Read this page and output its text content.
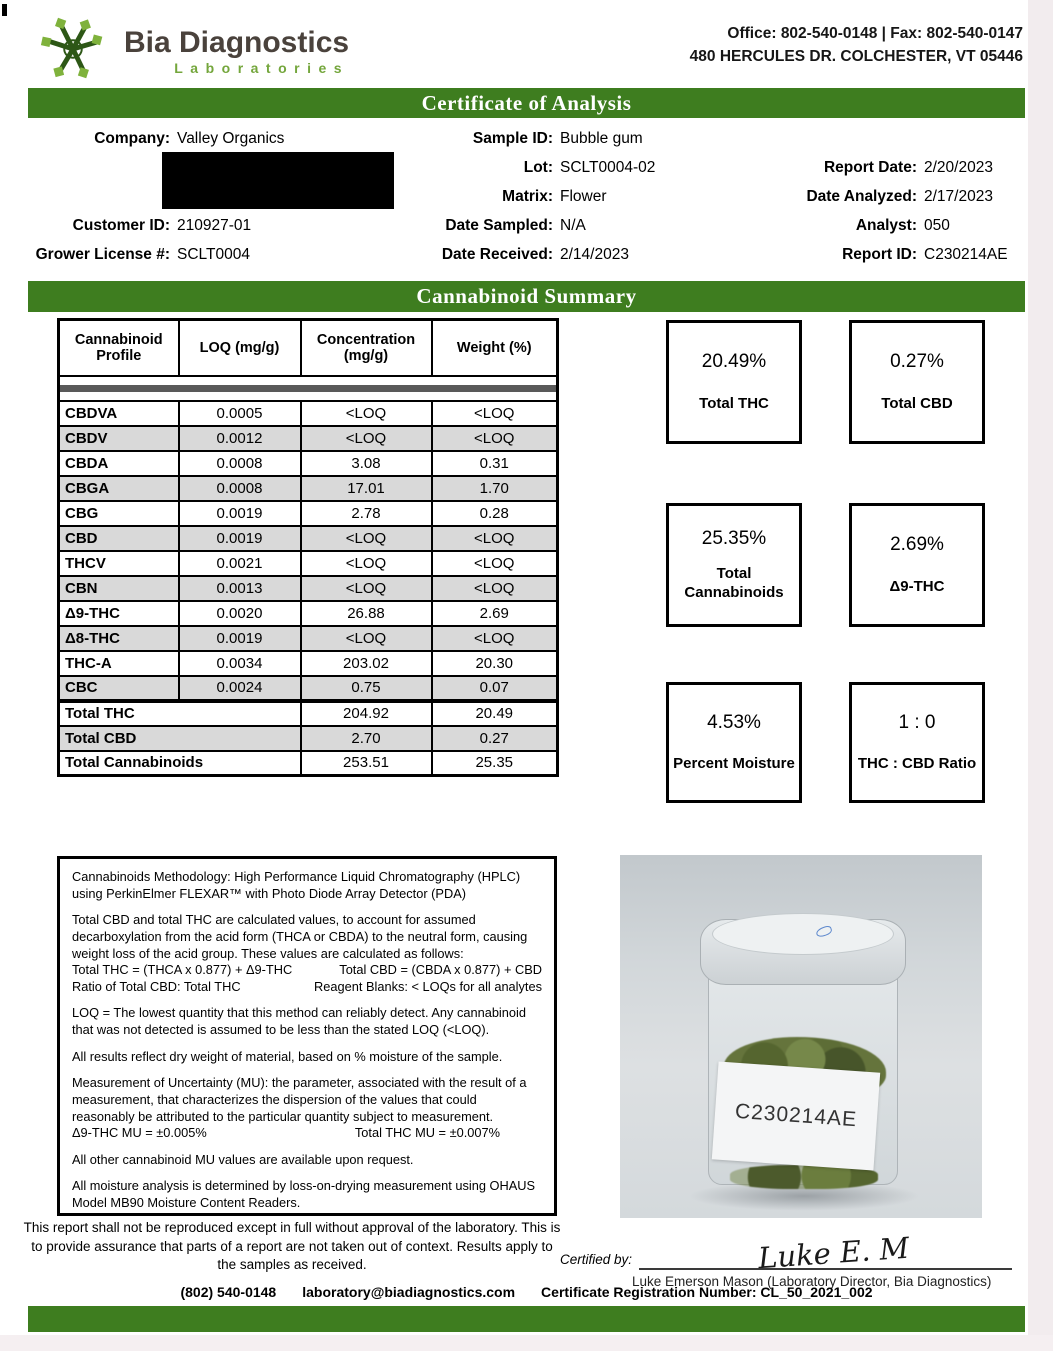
Bia Diagnostics
Laboratories
Office: 802-540-0148 | Fax: 802-540-0147
480 HERCULES DR. COLCHESTER, VT 05446
Certificate of Analysis
Cannabinoid Summary
Company: Valley Organics
Customer ID: 210927-01
Grower License #: SCLT0004
Sample ID: Bubble gum
Lot: SCLT0004-02
Matrix: Flower
Date Sampled: N/A
Date Received: 2/14/2023
Report Date: 2/20/2023
Date Analyzed: 2/17/2023
Analyst: 050
Report ID: C230214AE
Cannabinoid Profile	LOQ (mg/g)	Concentration (mg/g)	Weight (%)

CBDVA	0.0005	<LOQ	<LOQ
CBDV	0.0012	<LOQ	<LOQ
CBDA	0.0008	3.08	0.31
CBGA	0.0008	17.01	1.70
CBG	0.0019	2.78	0.28
CBD	0.0019	<LOQ	<LOQ
THCV	0.0021	<LOQ	<LOQ
CBN	0.0013	<LOQ	<LOQ
Δ9-THC	0.0020	26.88	2.69
Δ8-THC	0.0019	<LOQ	<LOQ
THC-A	0.0034	203.02	20.30
CBC	0.0024	0.75	0.07
Total THC		204.92	20.49
Total CBD		2.70	0.27
Total Cannabinoids		253.51	25.35
20.49%
Total THC
0.27%
Total CBD
25.35%
Total Cannabinoids
2.69%
Δ9-THC
4.53%
Percent Moisture
1 : 0
THC : CBD Ratio

Cannabinoids Methodology: High Performance Liquid Chromatography (HPLC) using PerkinElmer FLEXAR™ with Photo Diode Array Detector (PDA)

Total CBD and total THC are calculated values, to account for assumed decarboxylation from the acid form (THCA or CBDA) to the neutral form, causing weight loss of the acid group. These values are calculated as follows:

Total THC = (THCA x 0.877) + Δ9-THC	Total CBD = (CBDA x 0.877) + CBD
Ratio of Total CBD: Total THC	Reagent Blanks: < LOQs for all analytes

LOQ = The lowest quantity that this method can reliably detect. Any cannabinoid that was not detected is assumed to be less than the stated LOQ (<LOQ).

All results reflect dry weight of material, based on % moisture of the sample.

Measurement of Uncertainty (MU): the parameter, associated with the result of a measurement, that characterizes the dispersion of the values that could reasonably be attributed to the particular quantity subject to measurement.

Δ9-THC MU = ±0.005%	Total THC MU = ±0.007%

All other cannabinoid MU values are available upon request.

All moisture analysis is determined by loss-on-drying measurement using OHAUS Model MB90 Moisture Content Readers.

C230214AE
This report shall not be reproduced except in full without approval of the laboratory. This is to provide assurance that parts of a report are not taken out of context. Results apply to the samples as received.	Certified by:	Luke E. M
Luke Emerson Mason (Laboratory Director, Bia Diagnostics)
(802) 540-0148 laboratory@biadiagnostics.com Certificate Registration Number: CL_50_2021_002
